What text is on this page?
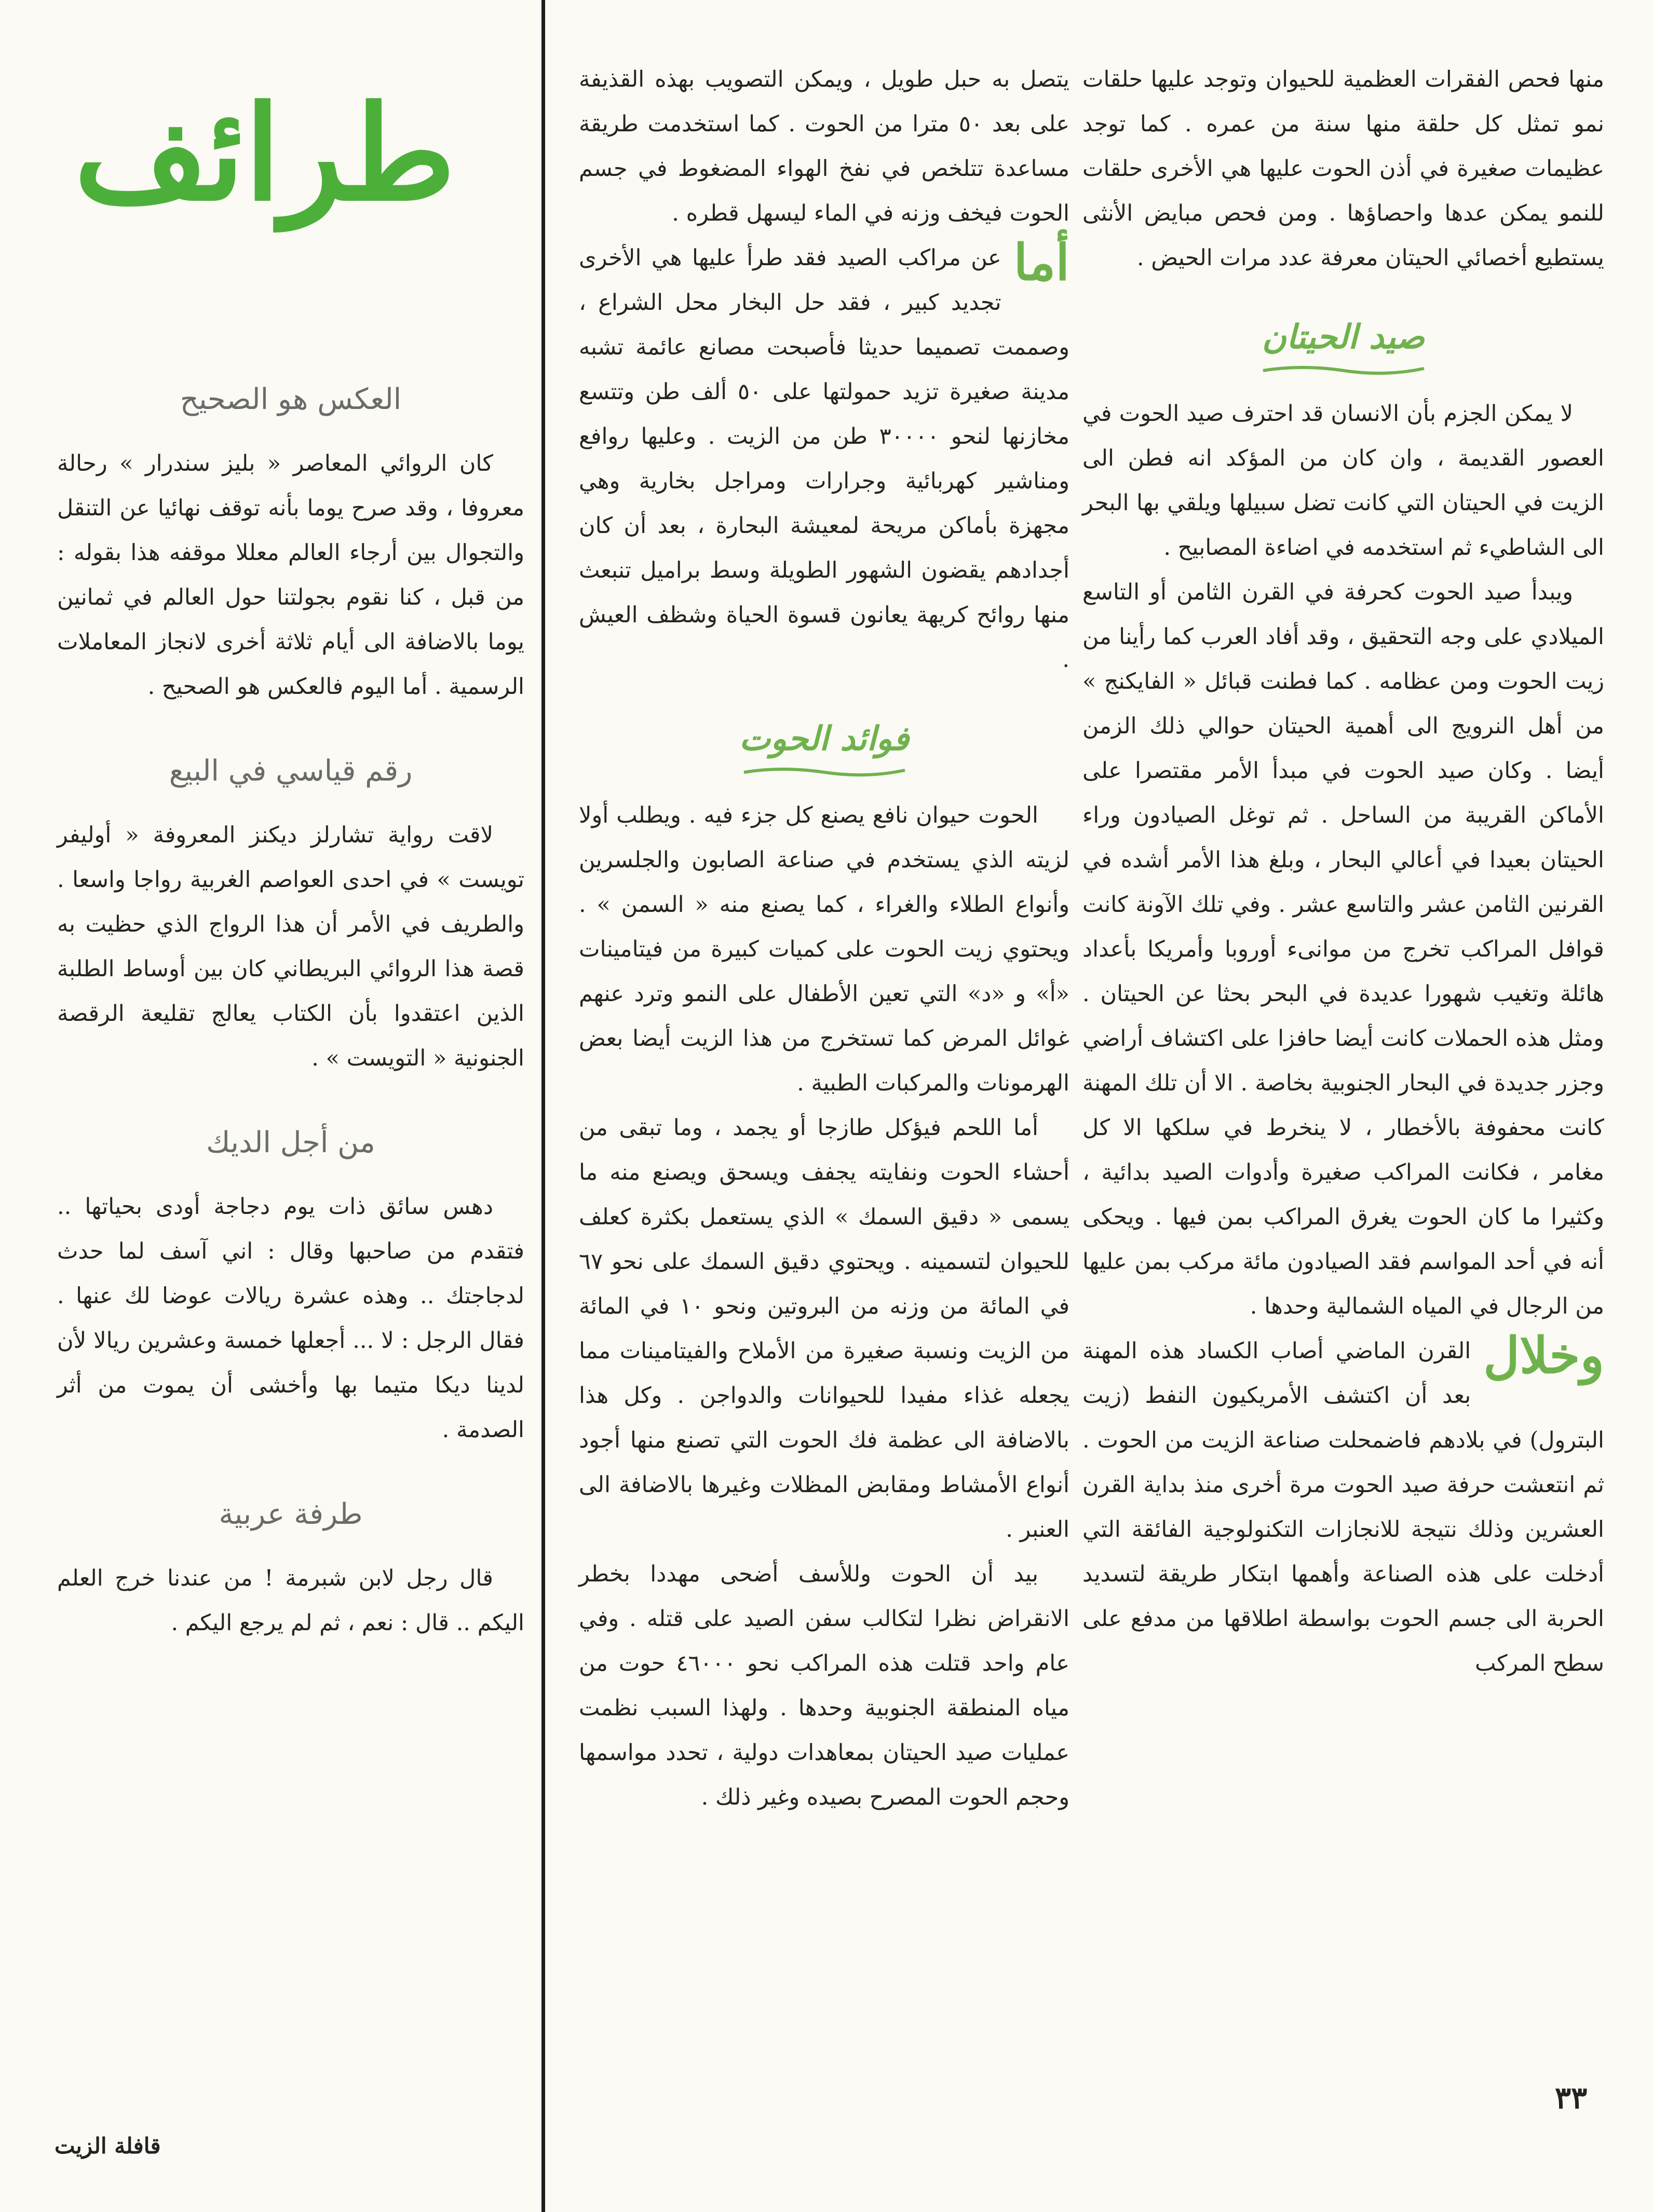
طرائف	منها فحص الفقرات العظمية للحيوان وتوجد عليها حلقات نمو تمثل كل حلقة منها سنة من عمره . كما توجد عظيمات صغيرة في أذن الحوت عليها هي الأخرى حلقات للنمو يمكن عدها واحصاؤها . ومن فحص مبايض الأنثى يستطيع أخصائي الحيتان معرفة عدد مرات الحيض .

صيد الحيتان

لا يمكن الجزم بأن الانسان قد احترف صيد الحوت في العصور القديمة ، وان كان من المؤكد انه فطن الى الزيت في الحيتان التي كانت تضل سبيلها ويلقي بها البحر الى الشاطيء ثم استخدمه في اضاءة المصابيح .

ويبدأ صيد الحوت كحرفة في القرن الثامن أو التاسع الميلادي على وجه التحقيق ، وقد أفاد العرب كما رأينا من زيت الحوت ومن عظامه . كما فطنت قبائل « الفايكنج » من أهل النرويج الى أهمية الحيتان حوالي ذلك الزمن أيضا . وكان صيد الحوت في مبدأ الأمر مقتصرا على الأماكن القريبة من الساحل . ثم توغل الصيادون وراء الحيتان بعيدا في أعالي البحار ، وبلغ هذا الأمر أشده في القرنين الثامن عشر والتاسع عشر . وفي تلك الآونة كانت قوافل المراكب تخرج من موانىء أوروبا وأمريكا بأعداد هائلة وتغيب شهورا عديدة في البحر بحثا عن الحيتان . ومثل هذه الحملات كانت أيضا حافزا على اكتشاف أراضي وجزر جديدة في البحار الجنوبية بخاصة . الا أن تلك المهنة كانت محفوفة بالأخطار ، لا ينخرط في سلكها الا كل مغامر ، فكانت المراكب صغيرة وأدوات الصيد بدائية ، وكثيرا ما كان الحوت يغرق المراكب بمن فيها . ويحكى أنه في أحد المواسم فقد الصيادون مائة مركب بمن عليها من الرجال في المياه الشمالية وحدها .

وخلال
القرن الماضي أصاب الكساد هذه المهنة بعد أن اكتشف الأمريكيون النفط (زيت البترول) في بلادهم فاضمحلت صناعة الزيت من الحوت . ثم انتعشت حرفة صيد الحوت مرة أخرى منذ بداية القرن العشرين وذلك نتيجة للانجازات التكنولوجية الفائقة التي أدخلت على هذه الصناعة وأهمها ابتكار طريقة لتسديد الحربة الى جسم الحوت بواسطة اطلاقها من مدفع على سطح المركب

يتصل به حبل طويل ، ويمكن التصويب بهذه القذيفة على بعد ٥٠ مترا من الحوت . كما استخدمت طريقة مساعدة تتلخص في نفخ الهواء المضغوط في جسم الحوت فيخف وزنه في الماء ليسهل قطره .

أما
عن مراكب الصيد فقد طرأ عليها هي الأخرى تجديد كبير ، فقد حل البخار محل الشراع ، وصممت تصميما حديثا فأصبحت مصانع عائمة تشبه مدينة صغيرة تزيد حمولتها على ٥٠ ألف طن وتتسع مخازنها لنحو ٣٠٠٠٠ طن من الزيت . وعليها روافع ومناشير كهربائية وجرارات ومراجل بخارية وهي مجهزة بأماكن مريحة لمعيشة البحارة ، بعد أن كان أجدادهم يقضون الشهور الطويلة وسط براميل تنبعث منها روائح كريهة يعانون قسوة الحياة وشظف العيش .

فوائد الحوت

الحوت حيوان نافع يصنع كل جزء فيه . ويطلب أولا لزيته الذي يستخدم في صناعة الصابون والجلسرين وأنواع الطلاء والغراء ، كما يصنع منه « السمن » . ويحتوي زيت الحوت على كميات كبيرة من فيتامينات «أ» و «د» التي تعين الأطفال على النمو وترد عنهم غوائل المرض كما تستخرج من هذا الزيت أيضا بعض الهرمونات والمركبات الطبية .

أما اللحم فيؤكل طازجا أو يجمد ، وما تبقى من أحشاء الحوت ونفايته يجفف ويسحق ويصنع منه ما يسمى « دقيق السمك » الذي يستعمل بكثرة كعلف للحيوان لتسمينه . ويحتوي دقيق السمك على نحو ٦٧ في المائة من وزنه من البروتين ونحو ١٠ في المائة من الزيت ونسبة صغيرة من الأملاح والفيتامينات مما يجعله غذاء مفيدا للحيوانات والدواجن . وكل هذا بالاضافة الى عظمة فك الحوت التي تصنع منها أجود أنواع الأمشاط ومقابض المظلات وغيرها بالاضافة الى العنبر .

بيد أن الحوت وللأسف أضحى مهددا بخطر الانقراض نظرا لتكالب سفن الصيد على قتله . وفي عام واحد قتلت هذه المراكب نحو ٤٦٠٠٠ حوت من مياه المنطقة الجنوبية وحدها . ولهذا السبب نظمت عمليات صيد الحيتان بمعاهدات دولية ، تحدد مواسمها وحجم الحوت المصرح بصيده وغير ذلك .

العكس هو الصحيح

كان الروائي المعاصر « بليز سندرار » رحالة معروفا ، وقد صرح يوما بأنه توقف نهائيا عن التنقل والتجوال بين أرجاء العالم معللا موقفه هذا بقوله : من قبل ، كنا نقوم بجولتنا حول العالم في ثمانين يوما بالاضافة الى أيام ثلاثة أخرى لانجاز المعاملات الرسمية . أما اليوم فالعكس هو الصحيح .

رقم قياسي في البيع

لاقت رواية تشارلز ديكنز المعروفة « أوليفر تويست » في احدى العواصم الغربية رواجا واسعا . والطريف في الأمر أن هذا الرواج الذي حظيت به قصة هذا الروائي البريطاني كان بين أوساط الطلبة الذين اعتقدوا بأن الكتاب يعالج تقليعة الرقصة الجنونية « التويست » .

من أجل الديك

دهس سائق ذات يوم دجاجة أودى بحياتها .. فتقدم من صاحبها وقال : اني آسف لما حدث لدجاجتك .. وهذه عشرة ريالات عوضا لك عنها . فقال الرجل : لا ... أجعلها خمسة وعشرين ريالا لأن لدينا ديكا متيما بها وأخشى أن يموت من أثر الصدمة .

طرفة عربية

قال رجل لابن شبرمة ! من عندنا خرج العلم اليكم .. قال : نعم ، ثم لم يرجع اليكم .

٣٣
قافلة الزيت
